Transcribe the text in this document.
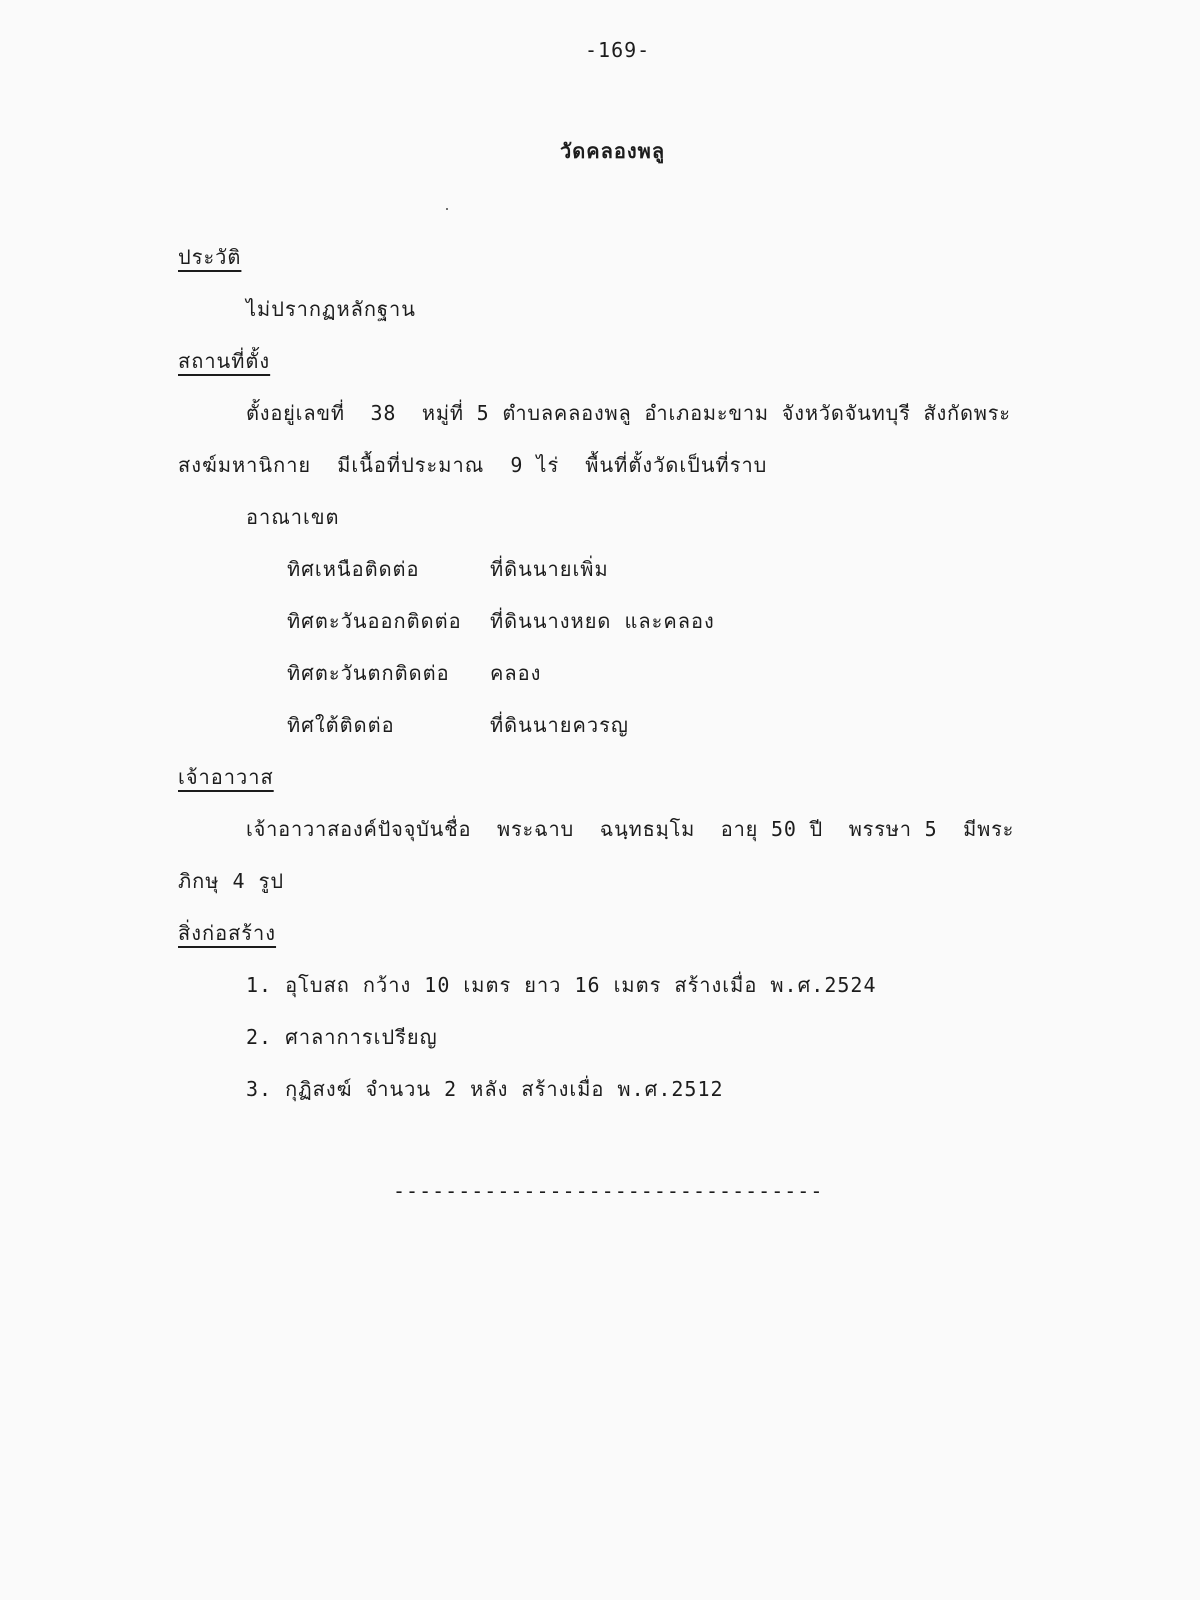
-169-
วัดคลองพลู
ประวัติ
ไม่ปรากฏหลักฐาน
สถานที่ตั้ง
ตั้งอยู่เลขที่  38  หมู่ที่ 5 ตำบลคลองพลู อำเภอมะขาม จังหวัดจันทบุรี สังกัดพระ
สงฆ์มหานิกาย  มีเนื้อที่ประมาณ  9 ไร่  พื้นที่ตั้งวัดเป็นที่ราบ
อาณาเขต
ทิศเหนือติดต่อ	ที่ดินนายเพิ่ม
ทิศตะวันออกติดต่อ ที่ดินนางหยด และคลอง
ทิศตะวันตกติดต่อ คลอง
ทิศใต้ติดต่อ	ที่ดินนายควรญ
เจ้าอาวาส
เจ้าอาวาสองค์ปัจจุบันชื่อ  พระฉาบ  ฉนฺทธมฺโม  อายุ 50 ปี  พรรษา 5  มีพระ
ภิกษุ 4 รูป
สิ่งก่อสร้าง
1. อุโบสถ กว้าง 10 เมตร ยาว 16 เมตร สร้างเมื่อ พ.ศ.2524
2. ศาลาการเปรียญ
3. กุฏิสงฆ์ จำนวน 2 หลัง สร้างเมื่อ พ.ศ.2512
---------------------------------
